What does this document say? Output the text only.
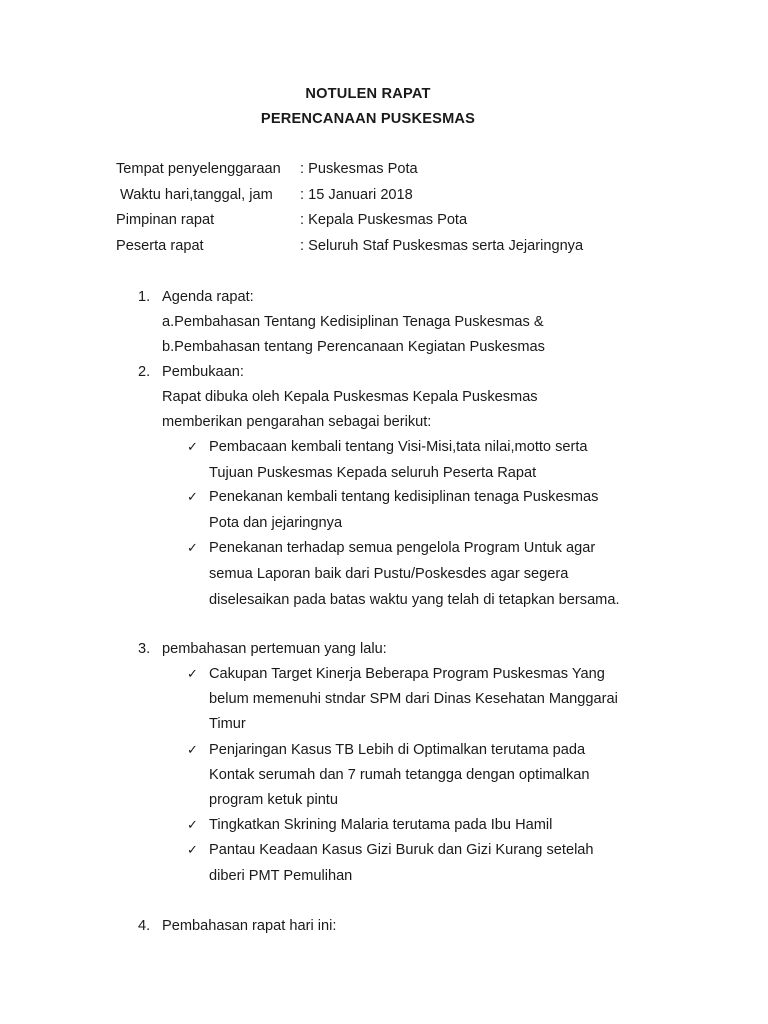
NOTULEN RAPAT
PERENCANAAN PUSKESMAS
Tempat penyelenggaraan : Puskesmas Pota
Waktu hari,tanggal, jam : 15 Januari 2018
Pimpinan rapat	: Kepala Puskesmas Pota
Peserta rapat	: Seluruh Staf Puskesmas serta Jejaringnya
1. Agenda rapat:
a.Pembahasan Tentang Kedisiplinan Tenaga Puskesmas &
b.Pembahasan tentang Perencanaan Kegiatan Puskesmas
2. Pembukaan:
Rapat dibuka oleh Kepala Puskesmas Kepala Puskesmas
memberikan pengarahan sebagai berikut:
✓ Pembacaan kembali tentang Visi-Misi,tata nilai,motto serta
Tujuan Puskesmas Kepada seluruh Peserta Rapat
✓ Penekanan kembali tentang kedisiplinan tenaga Puskesmas
Pota dan jejaringnya
✓ Penekanan terhadap semua pengelola Program Untuk agar
semua Laporan baik dari Pustu/Poskesdes agar segera
diselesaikan pada batas waktu yang telah di tetapkan bersama.
3. pembahasan pertemuan yang lalu:
✓ Cakupan Target Kinerja Beberapa Program Puskesmas Yang
belum memenuhi stndar SPM dari Dinas Kesehatan Manggarai
Timur
✓ Penjaringan Kasus TB Lebih di Optimalkan terutama pada
Kontak serumah dan 7 rumah tetangga dengan optimalkan
program ketuk pintu
✓ Tingkatkan Skrining Malaria terutama pada Ibu Hamil
✓ Pantau Keadaan Kasus Gizi Buruk dan Gizi Kurang setelah
diberi PMT Pemulihan
4. Pembahasan rapat hari ini:
